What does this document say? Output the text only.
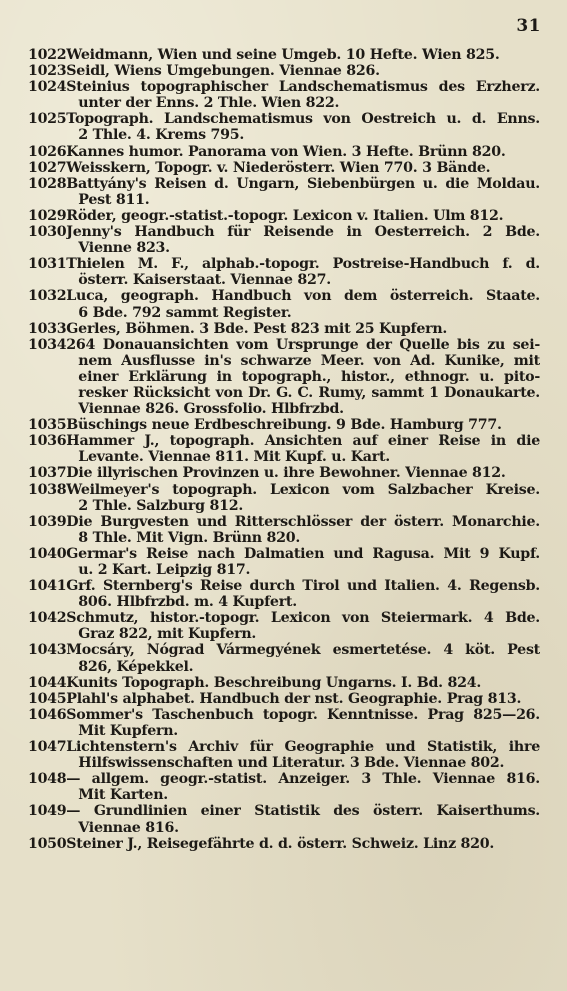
31
1022 Weidmann, Wien und seine Umgeb. 10 Hefte. Wien 825.
1023 Seidl, Wiens Umgebungen. Viennae 826.
1024 Steinius topographischer Landschematismus des Erzherz.
unter der Enns. 2 Thle. Wien 822.
1025 Topograph. Landschematismus von Oestreich u. d. Enns.
2 Thle. 4. Krems 795.
1026 Kannes humor. Panorama von Wien. 3 Hefte. Brünn 820.
1027 Weisskern, Topogr. v. Niederösterr. Wien 770. 3 Bände.
1028 Battyány's Reisen d. Ungarn, Siebenbürgen u. die Moldau.
Pest 811.
1029 Röder, geogr.-statist.-topogr. Lexicon v. Italien. Ulm 812.
1030 Jenny's Handbuch für Reisende in Oesterreich. 2 Bde.
Vienne 823.
1031 Thielen M. F., alphab.-topogr. Postreise-Handbuch f. d.
österr. Kaiserstaat. Viennae 827.
1032 Luca, geograph. Handbuch von dem österreich. Staate.
6 Bde. 792 sammt Register.
1033 Gerles, Böhmen. 3 Bde. Pest 823 mit 25 Kupfern.
1034 264 Donauansichten vom Ursprunge der Quelle bis zu sei-
nem Ausflusse in's schwarze Meer. von Ad. Kunike, mit
einer Erklärung in topograph., histor., ethnogr. u. pito-
resker Rücksicht von Dr. G. C. Rumy, sammt 1 Donaukarte.
Viennae 826. Grossfolio. Hlbfrzbd.
1035 Büschings neue Erdbeschreibung. 9 Bde. Hamburg 777.
1036 Hammer J., topograph. Ansichten auf einer Reise in die
Levante. Viennae 811. Mit Kupf. u. Kart.
1037 Die illyrischen Provinzen u. ihre Bewohner. Viennae 812.
1038 Weilmeyer's topograph. Lexicon vom Salzbacher Kreise.
2 Thle. Salzburg 812.
1039 Die Burgvesten und Ritterschlösser der österr. Monarchie.
8 Thle. Mit Vign. Brünn 820.
1040 Germar's Reise nach Dalmatien und Ragusa. Mit 9 Kupf.
u. 2 Kart. Leipzig 817.
1041 Grf. Sternberg's Reise durch Tirol und Italien. 4. Regensb.
806. Hlbfrzbd. m. 4 Kupfert.
1042 Schmutz, histor.-topogr. Lexicon von Steiermark. 4 Bde.
Graz 822, mit Kupfern.
1043 Mocsáry, Nógrad Vármegyének esmertetése. 4 köt. Pest
826, Képekkel.
1044 Kunits Topograph. Beschreibung Ungarns. I. Bd. 824.
1045 Plahl's alphabet. Handbuch der nst. Geographie. Prag 813.
1046 Sommer's Taschenbuch topogr. Kenntnisse. Prag 825—26.
Mit Kupfern.
1047 Lichtenstern's Archiv für Geographie und Statistik, ihre
Hilfswissenschaften und Literatur. 3 Bde. Viennae 802.
1048 — allgem. geogr.-statist. Anzeiger. 3 Thle. Viennae 816.
Mit Karten.
1049 — Grundlinien einer Statistik des österr. Kaiserthums.
Viennae 816.
1050 Steiner J., Reisegefährte d. d. österr. Schweiz. Linz 820.
